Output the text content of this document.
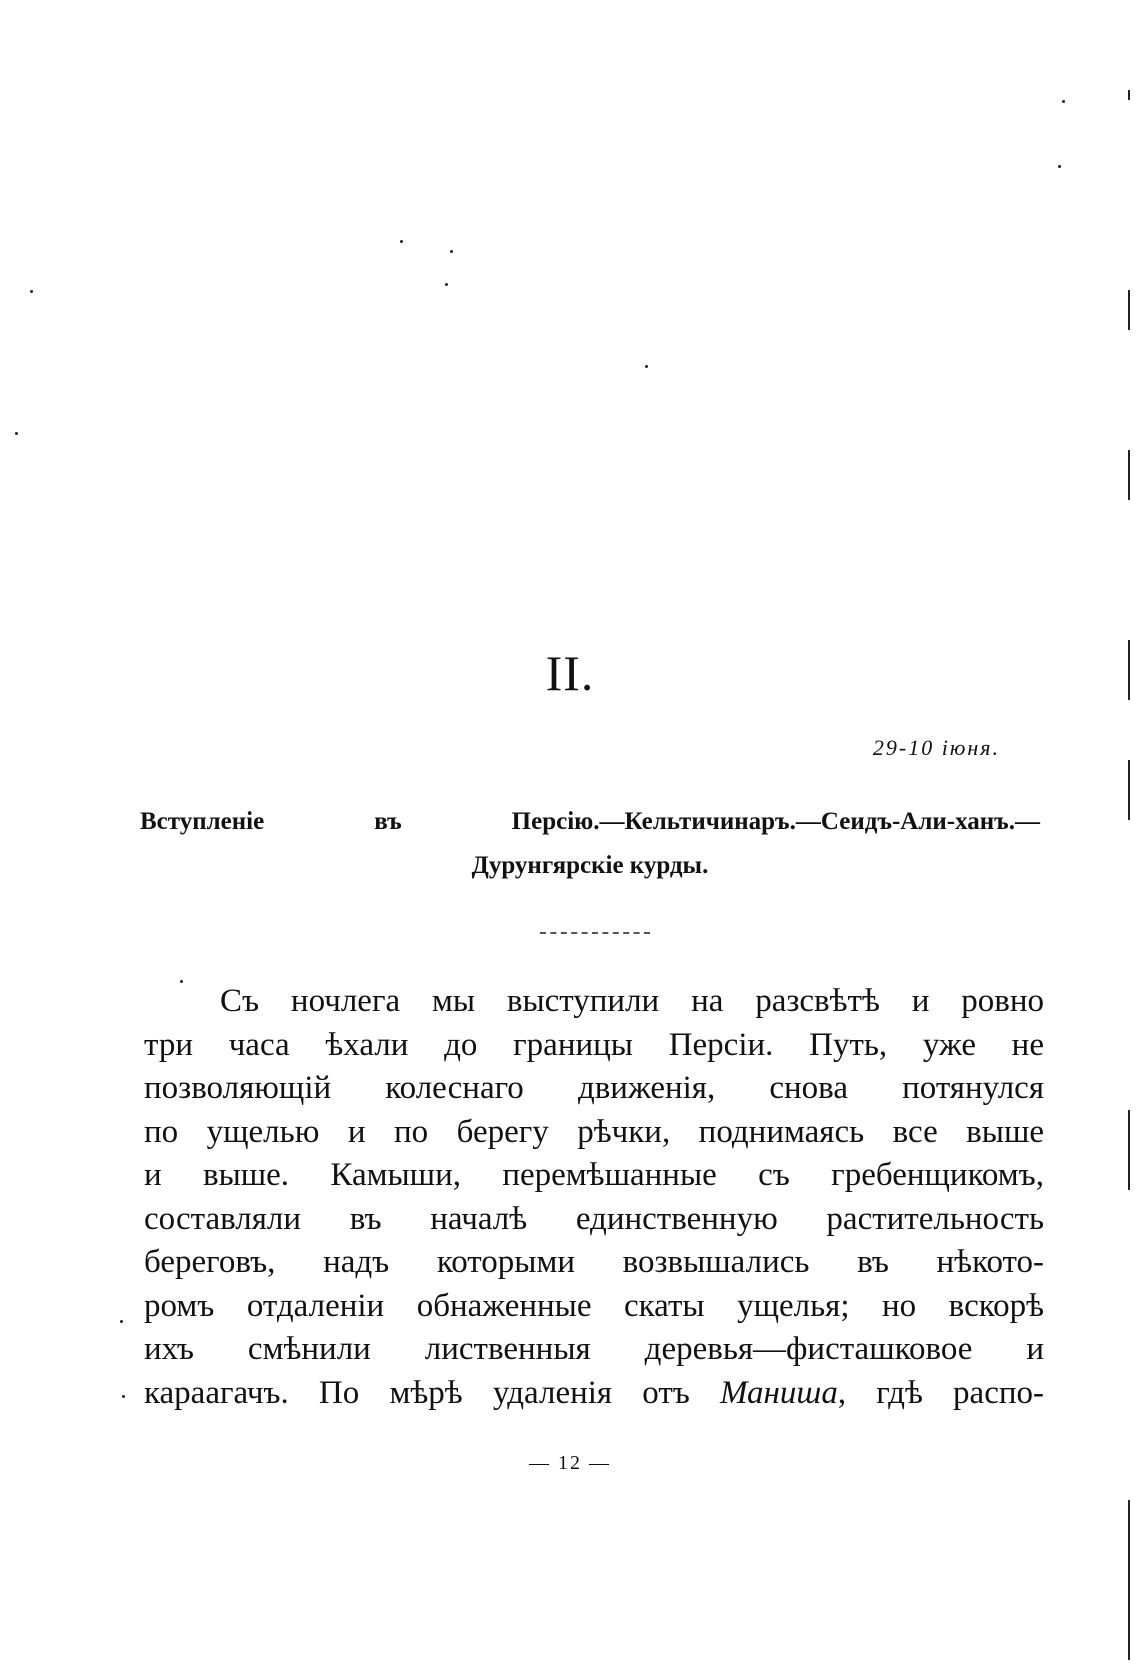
II.
29-10 іюня.
Вступленіе въ Персію.—Кельтичинаръ.—Сеидъ-Али-ханъ.—
Дурунгярскіе курды.
Съ ночлега мы выступили на разсвѣтѣ и ровно
три часа ѣхали до границы Персіи. Путь, уже не
позволяющій колеснаго движенія, снова потянулся
по ущелью и по берегу рѣчки, поднимаясь все выше
и выше. Камыши, перемѣшанные съ гребенщикомъ,
составляли въ началѣ единственную растительность
береговъ, надъ которыми возвышались въ нѣкото-
ромъ отдаленіи обнаженные скаты ущелья; но вскорѣ
ихъ смѣнили лиственныя деревья—фисташковое и
караагачъ. По мѣрѣ удаленія отъ Маниша, гдѣ распо-
— 12 —
